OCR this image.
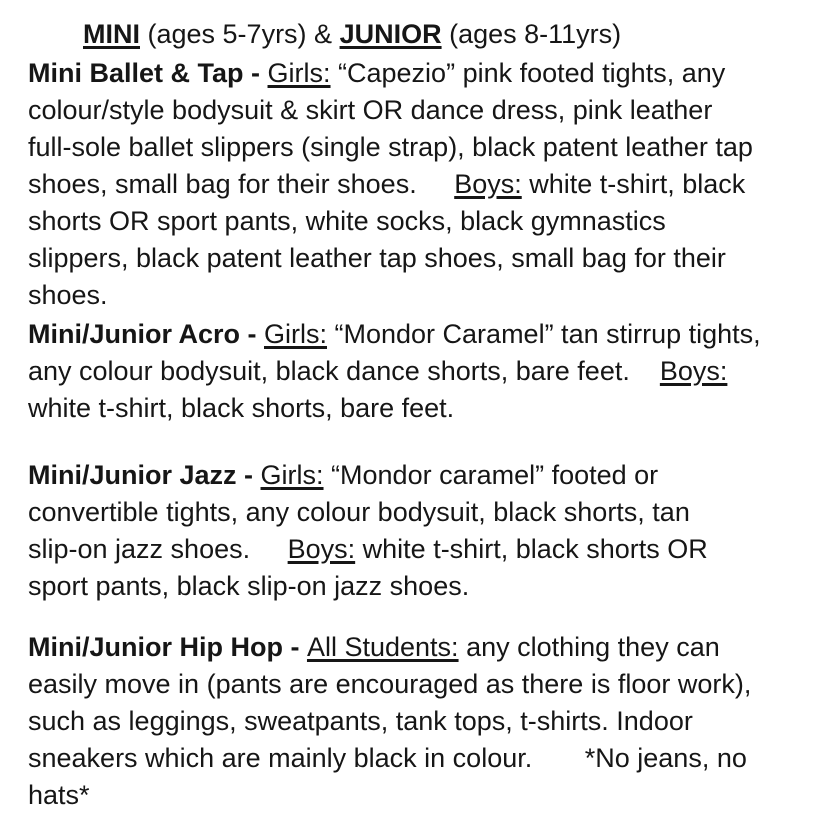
MINI (ages 5-7yrs) & JUNIOR (ages 8-11yrs)
Mini Ballet & Tap - Girls: “Capezio” pink footed tights, any
colour/style bodysuit & skirt OR dance dress, pink leather
full-sole ballet slippers (single strap), black patent leather tap
shoes, small bag for their shoes.     Boys: white t-shirt, black
shorts OR sport pants, white socks, black gymnastics
slippers, black patent leather tap shoes, small bag for their
shoes.
Mini/Junior Acro - Girls: “Mondor Caramel” tan stirrup tights,
any colour bodysuit, black dance shorts, bare feet.    Boys:
white t-shirt, black shorts, bare feet.
Mini/Junior Jazz - Girls: “Mondor caramel” footed or
convertible tights, any colour bodysuit, black shorts, tan
slip-on jazz shoes.     Boys: white t-shirt, black shorts OR
sport pants, black slip-on jazz shoes.
Mini/Junior Hip Hop - All Students: any clothing they can
easily move in (pants are encouraged as there is floor work),
such as leggings, sweatpants, tank tops, t-shirts. Indoor
sneakers which are mainly black in colour.       *No jeans, no
hats*
